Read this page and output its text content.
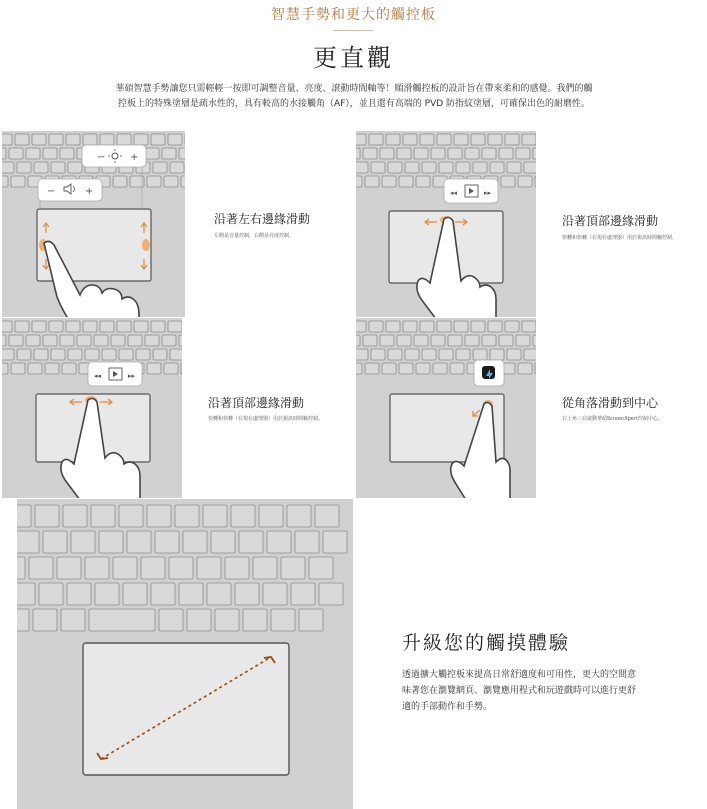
智慧手勢和更大的觸控板
更直觀
華碩智慧手勢讓您只需輕輕一按即可調整音量、亮度、滾動時間軸等！順滑觸控板的設計旨在帶來柔和的感覺。我們的觸控板上的特殊塗層是疏水性的，具有較高的水接觸角（AF），並且還有高端的 PVD 防指紋塗層，可確保出色的耐磨性。
− +
−	+
沿著左右邊緣滑動
左側是音量控制，右側是亮度控制。
◂◂	▸▸
沿著頂部邊緣滑動
快轉和快轉（在現在處理器）用於視訊時間軸控制。
◂◂	▸▸
沿著頂部邊緣滑動
快轉和快轉（在現在處理器）用於視訊時間軸控制。
從角落滑動到中心
右上角三在啟動華碩ScreenXpert控制中心。
升級您的觸摸體驗
透過擴大觸控板來提高日常舒適度和可用性，更大的空間意味著您在瀏覽網頁、瀏覽應用程式和玩遊戲時可以進行更舒適的手部動作和手勢。
